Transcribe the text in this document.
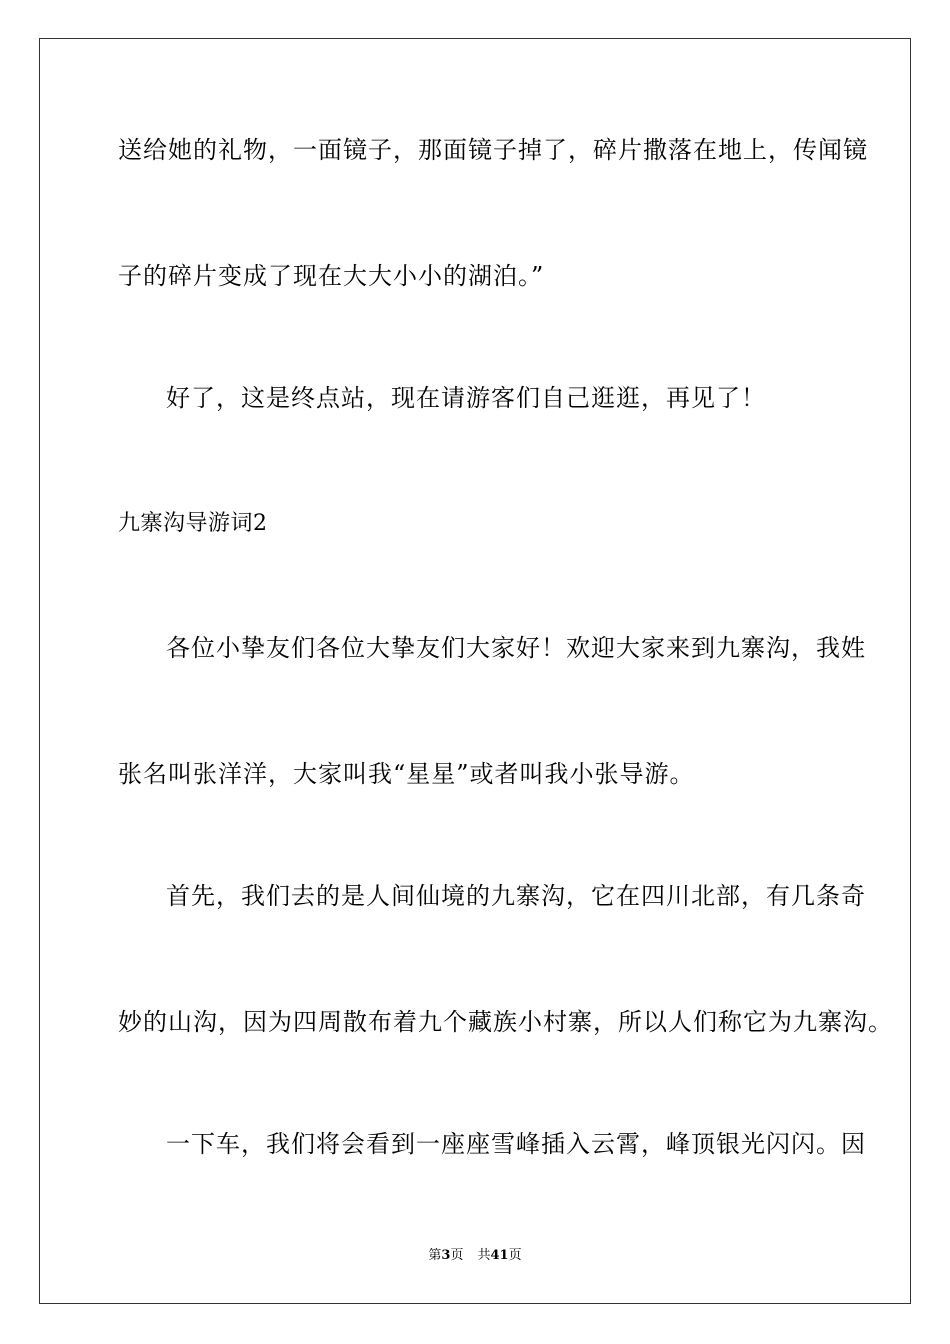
送给她的礼物，一面镜子，那面镜子掉了，碎片撒落在地上，传闻镜
子的碎片变成了现在大大小小的湖泊。”
好了，这是终点站，现在请游客们自己逛逛，再见了！
九寨沟导游词2
各位小挚友们各位大挚友们大家好！欢迎大家来到九寨沟，我姓
张名叫张洋洋，大家叫我“星星”或者叫我小张导游。
首先，我们去的是人间仙境的九寨沟，它在四川北部，有几条奇
妙的山沟，因为四周散布着九个藏族小村寨，所以人们称它为九寨沟。
一下车，我们将会看到一座座雪峰插入云霄，峰顶银光闪闪。因
第3页 共41页
